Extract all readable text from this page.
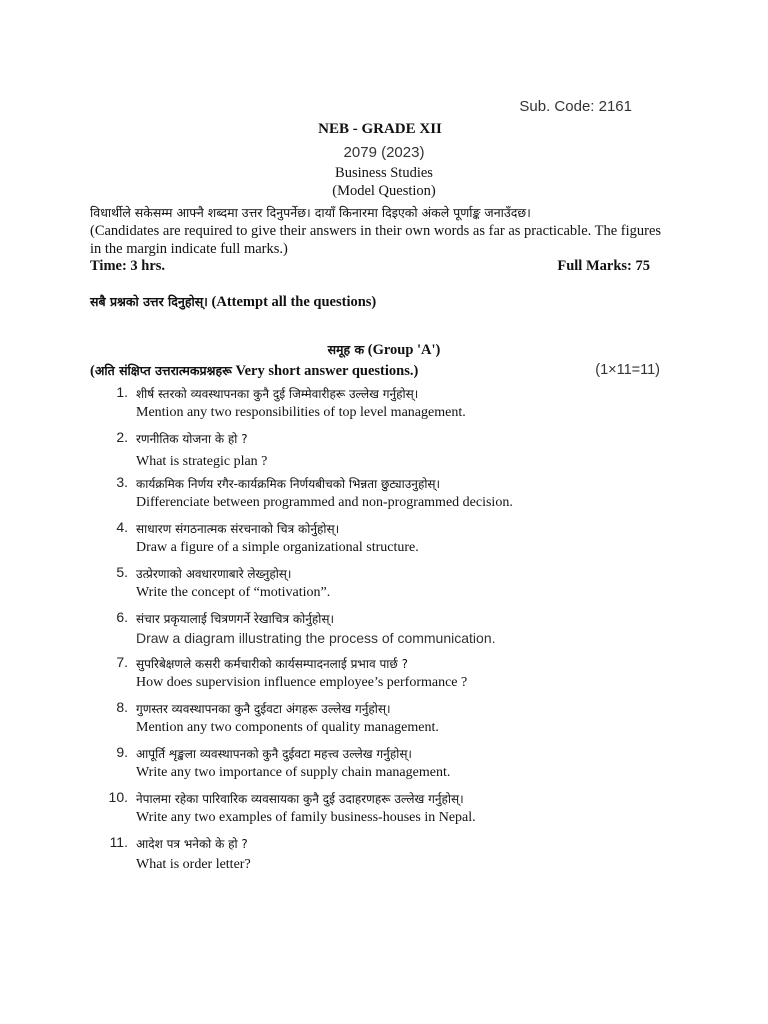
Sub. Code: 2161
NEB - GRADE XII
2079 (2023)
Business Studies
(Model Question)
विधार्थीले सकेसम्म आफ्नै शब्दमा उत्तर दिनुपर्नेछ। दायाँ किनारमा दिइएको अंकले पूर्णाङ्क जनाउँदछ।
(Candidates are required to give their answers in their own words as far as practicable. The figures in the margin indicate full marks.)
Time: 3 hrs.	Full Marks: 75
सबै प्रश्नको उत्तर दिनुहोस्। (Attempt all the questions)
समूह क (Group 'A')
(अति संक्षिप्त उत्तरात्मकप्रश्नहरू Very short answer questions.)	(1×11=11)
1. शीर्ष स्तरको व्यवस्थापनका कुनै दुई जिम्मेवारीहरू उल्लेख गर्नुहोस्।
Mention any two responsibilities of top level management.
2. रणनीतिक योजना के हो ?
What is strategic plan ?
3. कार्यक्रमिक निर्णय रगैर-कार्यक्रमिक निर्णयबीचको भिन्नता छुट्याउनुहोस्।
Differenciate between programmed and non-programmed decision.
4. साधारण संगठनात्मक संरचनाको चित्र कोर्नुहोस्।
Draw a figure of a simple organizational structure.
5. उत्प्रेरणाको अवधारणाबारे लेख्नुहोस्।
Write the concept of “motivation”.
6. संचार प्रकृयालाई चित्रणगर्ने रेखाचित्र कोर्नुहोस्।
Draw a diagram illustrating the process of communication.
7. सुपरिबेक्षणले कसरी कर्मचारीको कार्यसम्पादनलाई प्रभाव पार्छ ?
How does supervision influence employee’s performance ?
8. गुणस्तर व्यवस्थापनका कुनै दुईवटा अंगहरू उल्लेख गर्नुहोस्।
Mention any two components of quality management.
9. आपूर्ति शृङ्खला व्यवस्थापनको कुनै दुईवटा महत्त्व उल्लेख गर्नुहोस्।
Write any two importance of supply chain management.
10. नेपालमा रहेका पारिवारिक व्यवसायका कुनै दुई उदाहरणहरू उल्लेख गर्नुहोस्।
Write any two examples of family business-houses in Nepal.
11. आदेश पत्र भनेको के हो ?
What is order letter?
